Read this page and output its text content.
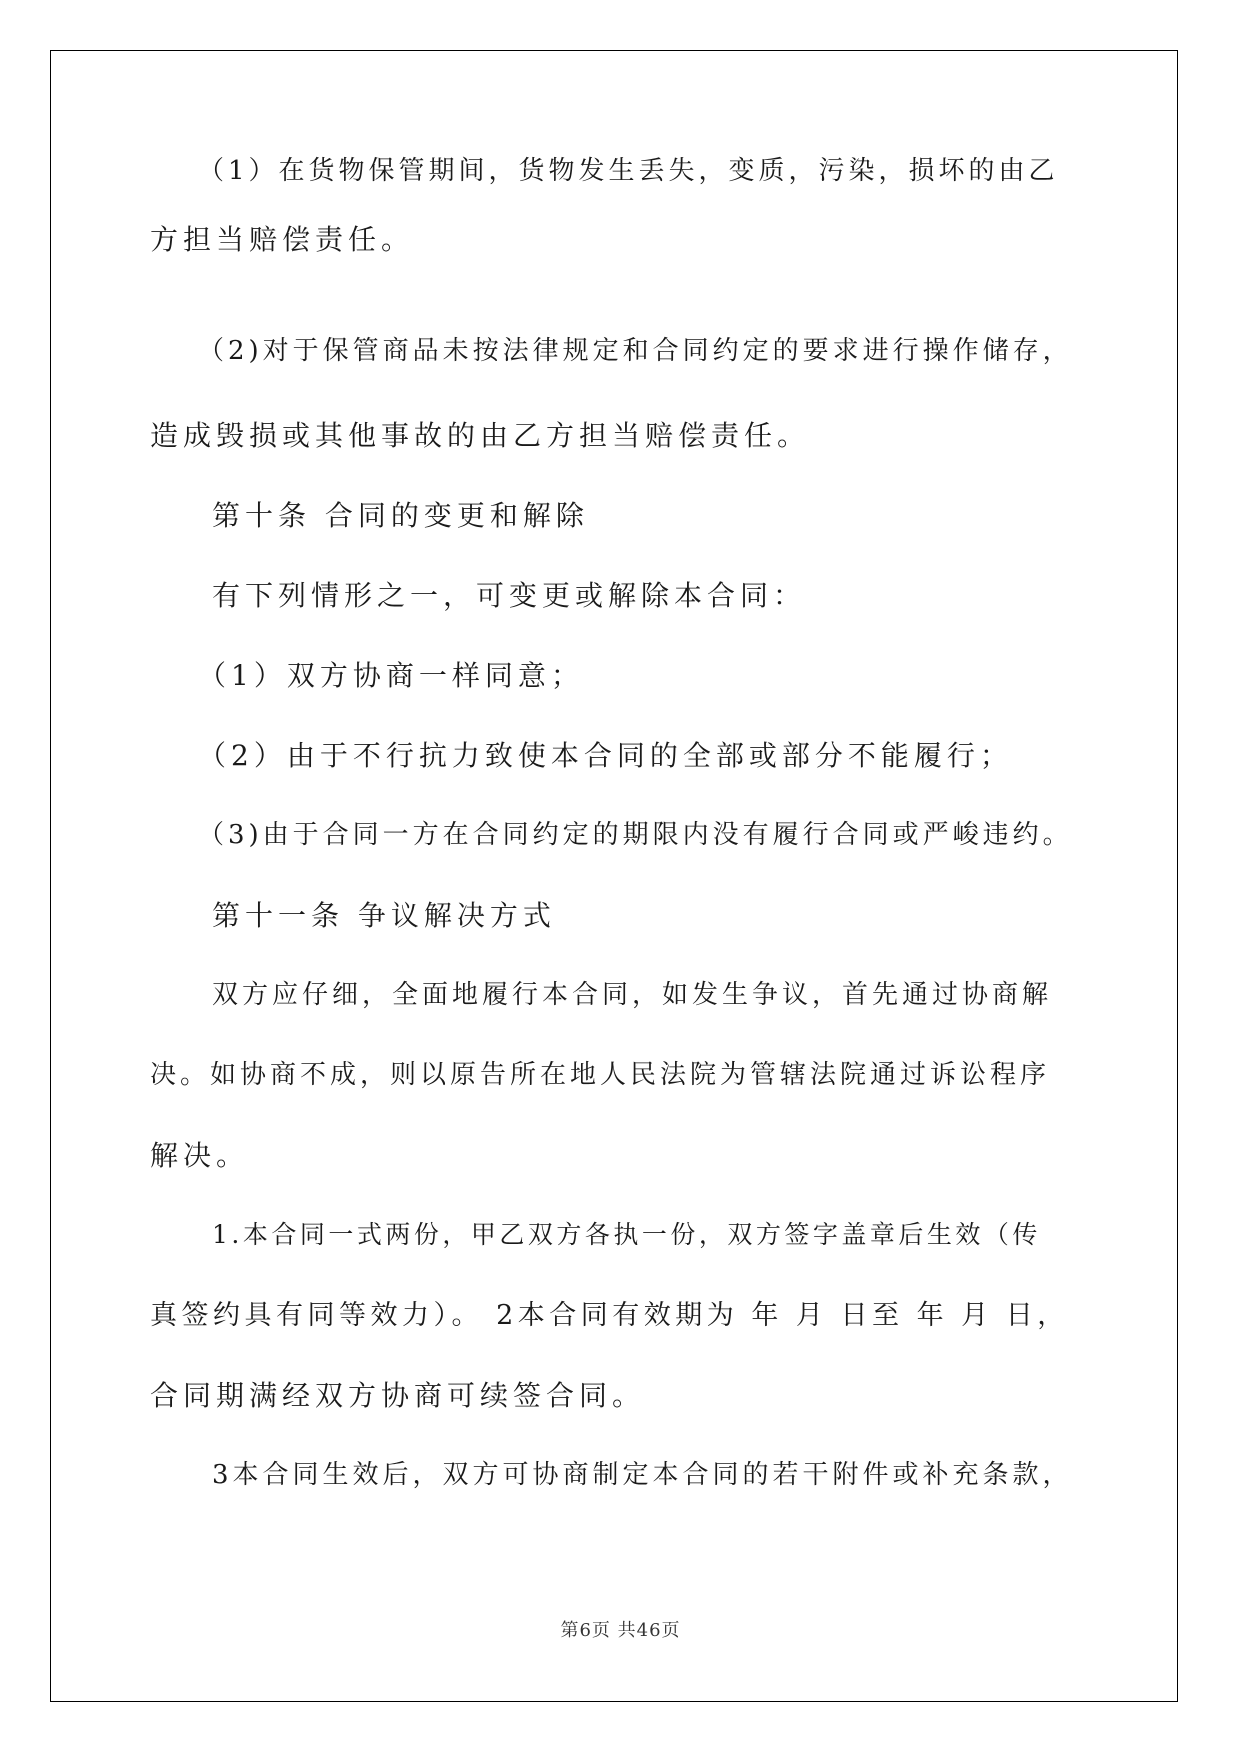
（1）在货物保管期间，货物发生丢失，变质，污染，损坏的由乙
方担当赔偿责任。
（2)对于保管商品未按法律规定和合同约定的要求进行操作储存，
造成毁损或其他事故的由乙方担当赔偿责任。
第十条 合同的变更和解除
有下列情形之一，可变更或解除本合同：
（1）双方协商一样同意；
（2）由于不行抗力致使本合同的全部或部分不能履行；
（3)由于合同一方在合同约定的期限内没有履行合同或严峻违约。
第十一条 争议解决方式
双方应仔细，全面地履行本合同，如发生争议，首先通过协商解
决。如协商不成，则以原告所在地人民法院为管辖法院通过诉讼程序
解决。
1.本合同一式两份，甲乙双方各执一份，双方签字盖章后生效（传
真签约具有同等效力）。 2本合同有效期为 年 月 日至 年 月 日，
合同期满经双方协商可续签合同。
3本合同生效后，双方可协商制定本合同的若干附件或补充条款，
第6页 共46页
